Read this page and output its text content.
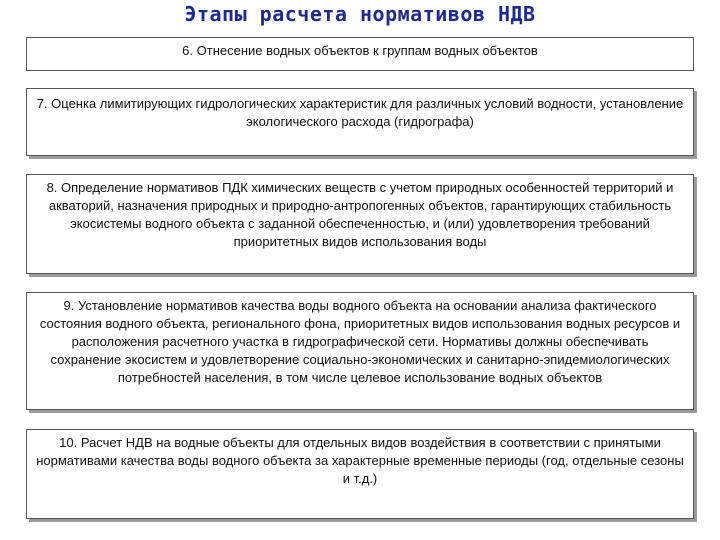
Этапы расчета нормативов НДВ
6. Отнесение водных объектов к группам водных объектов
7. Оценка лимитирующих гидрологических характеристик для различных условий водности, установление экологического расхода (гидрографа)
8. Определение нормативов ПДК химических веществ с учетом природных особенностей территорий и акваторий, назначения природных и природно-антропогенных объектов, гарантирующих стабильность экосистемы водного объекта с заданной обеспеченностью, и (или) удовлетворения требований приоритетных видов использования воды
9. Установление нормативов качества воды водного объекта на основании анализа фактического состояния водного объекта, регионального фона, приоритетных видов использования водных ресурсов и расположения расчетного участка в гидрографической сети. Нормативы должны обеспечивать сохранение экосистем и удовлетворение социально-экономических и санитарно-эпидемиологических потребностей населения, в том числе целевое использование водных объектов
10. Расчет НДВ на водные объекты для отдельных видов воздействия в соответствии с принятыми нормативами качества воды водного объекта за характерные временные периоды (год, отдельные сезоны и т.д.)
